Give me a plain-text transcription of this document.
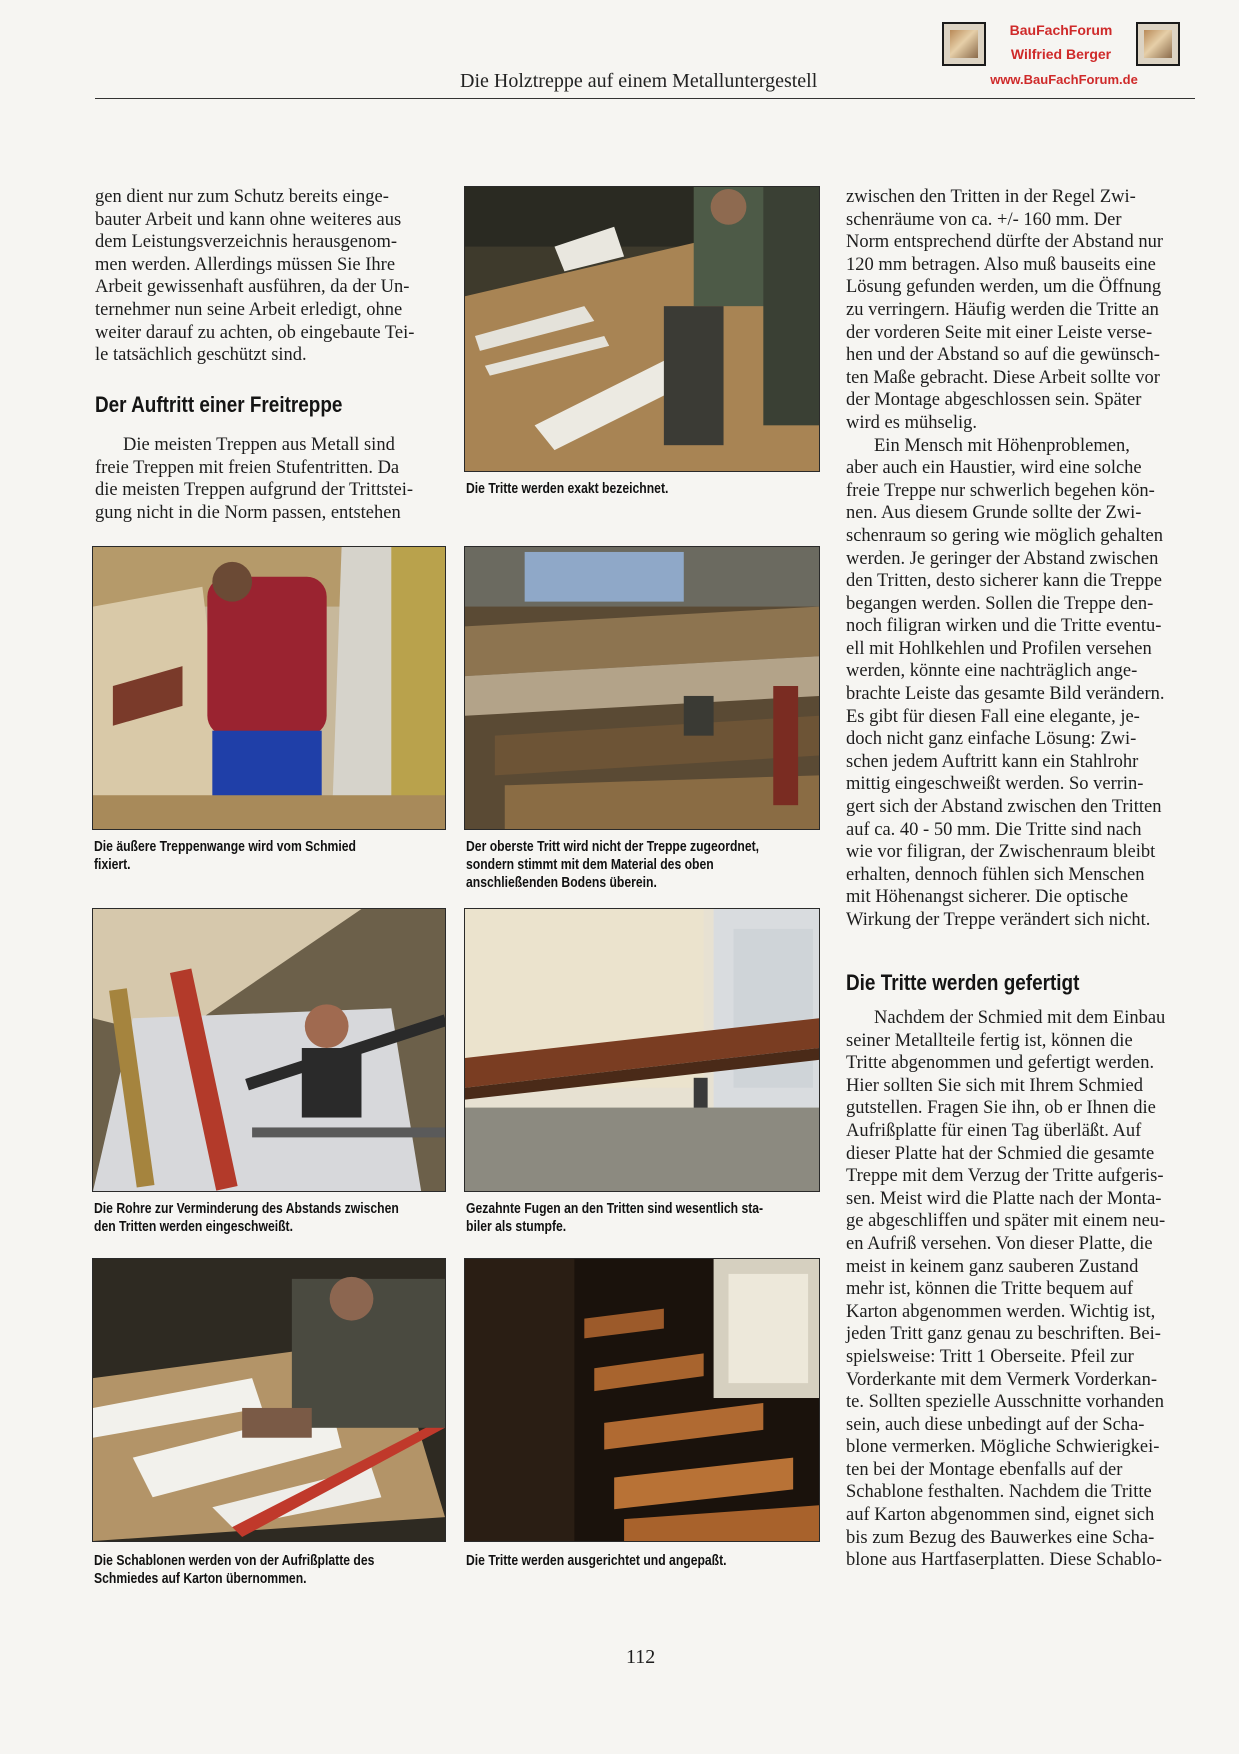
BauFachForum
Wilfried Berger
www.BauFachForum.de
Die Holztreppe auf einem Metalluntergestell

gen dient nur zum Schutz bereits einge-

bauter Arbeit und kann ohne weiteres aus

dem Leistungsverzeichnis herausgenom-

men werden. Allerdings müssen Sie Ihre

Arbeit gewissenhaft ausführen, da der Un-

ternehmer nun seine Arbeit erledigt, ohne

weiter darauf zu achten, ob eingebaute Tei-

le tatsächlich geschützt sind.

Der Auftritt einer Freitreppe

Die meisten Treppen aus Metall sind

freie Treppen mit freien Stufentritten. Da

die meisten Treppen aufgrund der Trittstei-

gung nicht in die Norm passen, entstehen

Die Tritte werden exakt bezeichnet.
Die äußere Treppenwange wird vom Schmied
fixiert.
Der oberste Tritt wird nicht der Treppe zugeordnet,
sondern stimmt mit dem Material des oben
anschließenden Bodens überein.
Die Rohre zur Verminderung des Abstands zwischen
den Tritten werden eingeschweißt.
Gezahnte Fugen an den Tritten sind wesentlich sta-
biler als stumpfe.
Die Schablonen werden von der Aufrißplatte des
Schmiedes auf Karton übernommen.
Die Tritte werden ausgerichtet und angepaßt.

zwischen den Tritten in der Regel Zwi-

schenräume von ca. +/- 160 mm. Der

Norm entsprechend dürfte der Abstand nur

120 mm betragen. Also muß bauseits eine

Lösung gefunden werden, um die Öffnung

zu verringern. Häufig werden die Tritte an

der vorderen Seite mit einer Leiste verse-

hen und der Abstand so auf die gewünsch-

ten Maße gebracht. Diese Arbeit sollte vor

der Montage abgeschlossen sein. Später

wird es mühselig.

Ein Mensch mit Höhenproblemen,

aber auch ein Haustier, wird eine solche

freie Treppe nur schwerlich begehen kön-

nen. Aus diesem Grunde sollte der Zwi-

schenraum so gering wie möglich gehalten

werden. Je geringer der Abstand zwischen

den Tritten, desto sicherer kann die Treppe

begangen werden. Sollen die Treppe den-

noch filigran wirken und die Tritte eventu-

ell mit Hohlkehlen und Profilen versehen

werden, könnte eine nachträglich ange-

brachte Leiste das gesamte Bild verändern.

Es gibt für diesen Fall eine elegante, je-

doch nicht ganz einfache Lösung: Zwi-

schen jedem Auftritt kann ein Stahlrohr

mittig eingeschweißt werden. So verrin-

gert sich der Abstand zwischen den Tritten

auf ca. 40 - 50 mm. Die Tritte sind nach

wie vor filigran, der Zwischenraum bleibt

erhalten, dennoch fühlen sich Menschen

mit Höhenangst sicherer. Die optische

Wirkung der Treppe verändert sich nicht.

Die Tritte werden gefertigt

Nachdem der Schmied mit dem Einbau

seiner Metallteile fertig ist, können die

Tritte abgenommen und gefertigt werden.

Hier sollten Sie sich mit Ihrem Schmied

gutstellen. Fragen Sie ihn, ob er Ihnen die

Aufrißplatte für einen Tag überläßt. Auf

dieser Platte hat der Schmied die gesamte

Treppe mit dem Verzug der Tritte aufgeris-

sen. Meist wird die Platte nach der Monta-

ge abgeschliffen und später mit einem neu-

en Aufriß versehen. Von dieser Platte, die

meist in keinem ganz sauberen Zustand

mehr ist, können die Tritte bequem auf

Karton abgenommen werden. Wichtig ist,

jeden Tritt ganz genau zu beschriften. Bei-

spielsweise: Tritt 1 Oberseite. Pfeil zur

Vorderkante mit dem Vermerk Vorderkan-

te. Sollten spezielle Ausschnitte vorhanden

sein, auch diese unbedingt auf der Scha-

blone vermerken. Mögliche Schwierigkei-

ten bei der Montage ebenfalls auf der

Schablone festhalten. Nachdem die Tritte

auf Karton abgenommen sind, eignet sich

bis zum Bezug des Bauwerkes eine Scha-

blone aus Hartfaserplatten. Diese Schablo-

112
